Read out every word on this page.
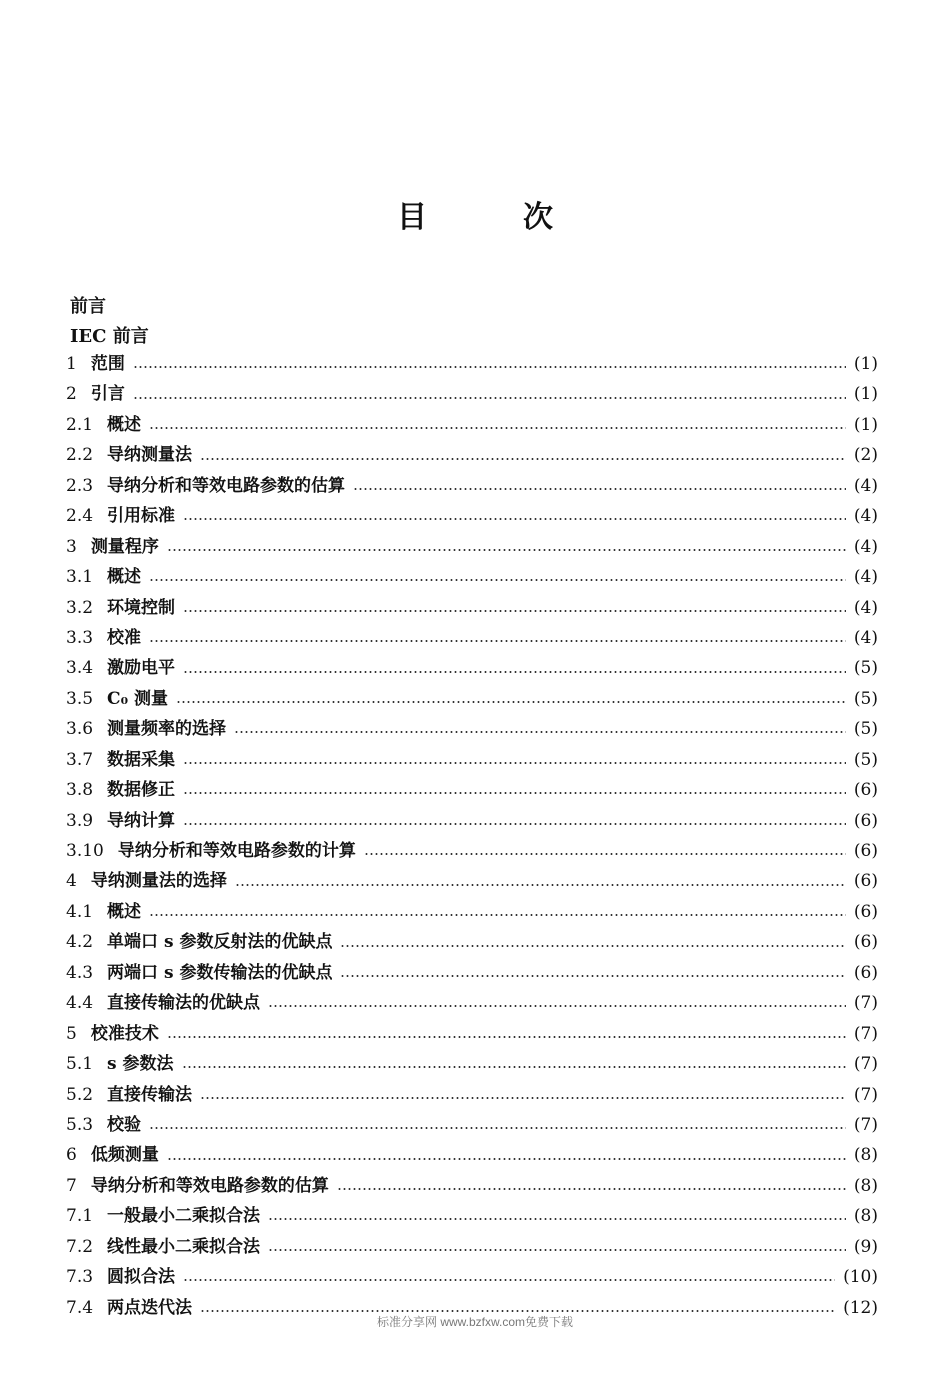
目	次
前言
IEC 前言
1 范围	(1)
2 引言	(1)
2.1 概述	(1)
2.2 导纳测量法	(2)
2.3 导纳分析和等效电路参数的估算	(4)
2.4 引用标准	(4)
3 测量程序	(4)
3.1 概述	(4)
3.2 环境控制	(4)
3.3 校准	(4)
3.4 激励电平	(5)
3.5 C₀ 测量	(5)
3.6 测量频率的选择	(5)
3.7 数据采集	(5)
3.8 数据修正	(6)
3.9 导纳计算	(6)
3.10 导纳分析和等效电路参数的计算	(6)
4 导纳测量法的选择	(6)
4.1 概述	(6)
4.2 单端口 s 参数反射法的优缺点	(6)
4.3 两端口 s 参数传输法的优缺点	(6)
4.4 直接传输法的优缺点	(7)
5 校准技术	(7)
5.1 s 参数法	(7)
5.2 直接传输法	(7)
5.3 校验	(7)
6 低频测量	(8)
7 导纳分析和等效电路参数的估算	(8)
7.1 一般最小二乘拟合法	(8)
7.2 线性最小二乘拟合法	(9)
7.3 圆拟合法	(10)
7.4 两点迭代法	(12)
标准分享网 www.bzfxw.com免费下载
